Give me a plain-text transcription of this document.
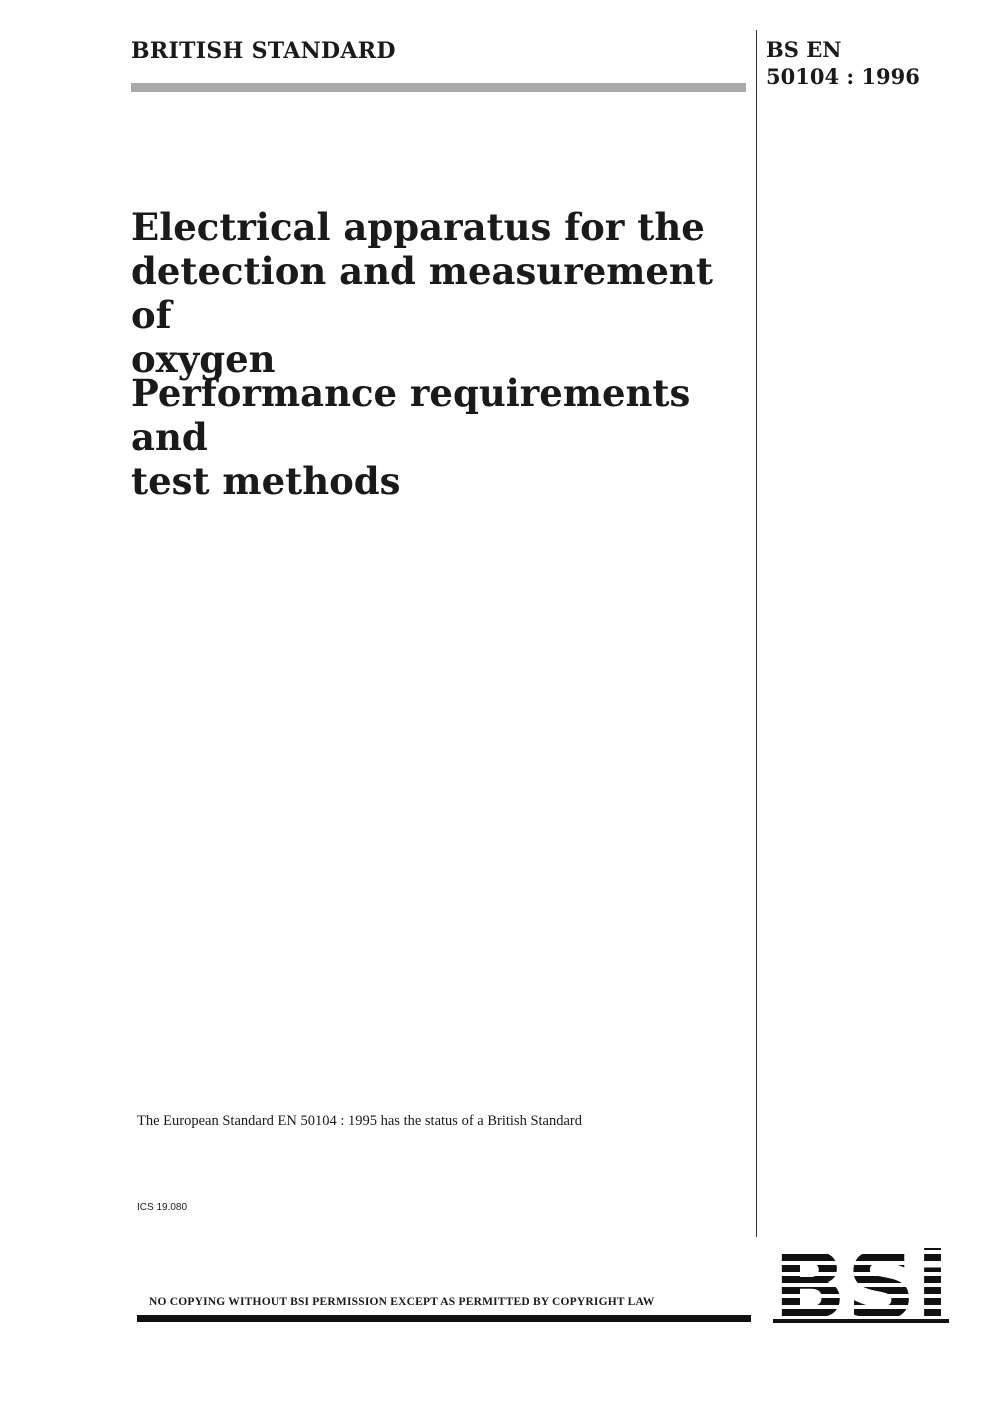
BRITISH STANDARD	BS EN
50104 : 1996
Electrical apparatus for the
detection and measurement of
oxygen
Performance requirements and
test methods
The European Standard EN 50104 : 1995 has the status of a British Standard
ICS 19.080
NO COPYING WITHOUT BSI PERMISSION EXCEPT AS PERMITTED BY COPYRIGHT LAW
